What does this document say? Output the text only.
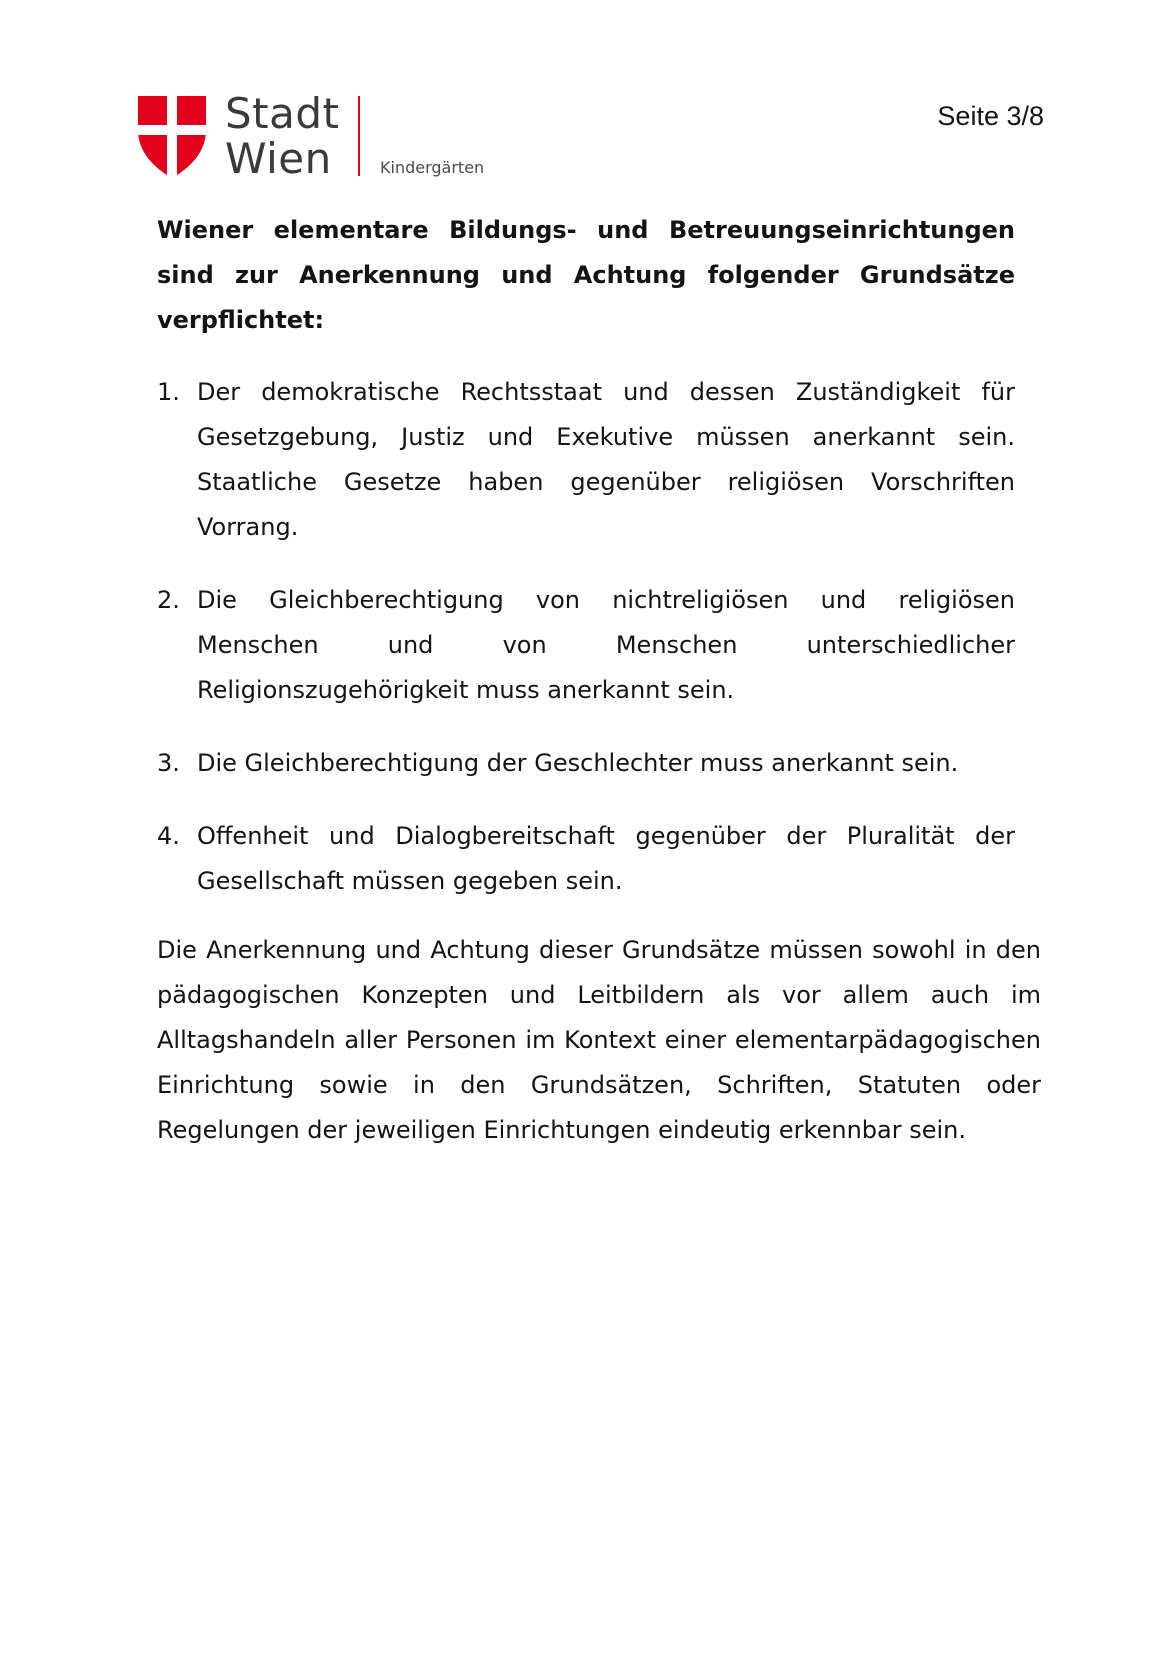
Stadt
Wien	Kindergärten
Seite 3/8

Wiener elementare Bildungs- und Betreuungseinrichtungen sind zur Anerkennung und Achtung folgender Grundsätze verpflichtet:

1. Der demokratische Rechtsstaat und dessen Zuständigkeit für Gesetzgebung, Justiz und Exekutive müssen anerkannt sein. Staatliche Gesetze haben gegenüber religiösen Vorschriften Vorrang.
2. Die Gleichberechtigung von nichtreligiösen und religiösen Menschen und von Menschen unterschiedlicher Religionszugehörigkeit muss anerkannt sein.
3. Die Gleichberechtigung der Geschlechter muss anerkannt sein.
4. Offenheit und Dialogbereitschaft gegenüber der Pluralität der Gesellschaft müssen gegeben sein.

Die Anerkennung und Achtung dieser Grundsätze müssen sowohl in den pädagogischen Konzepten und Leitbildern als vor allem auch im Alltagshandeln aller Personen im Kontext einer elementarpädagogischen Einrichtung sowie in den Grundsätzen, Schriften, Statuten oder Regelungen der jeweiligen Einrichtungen eindeutig erkennbar sein.
